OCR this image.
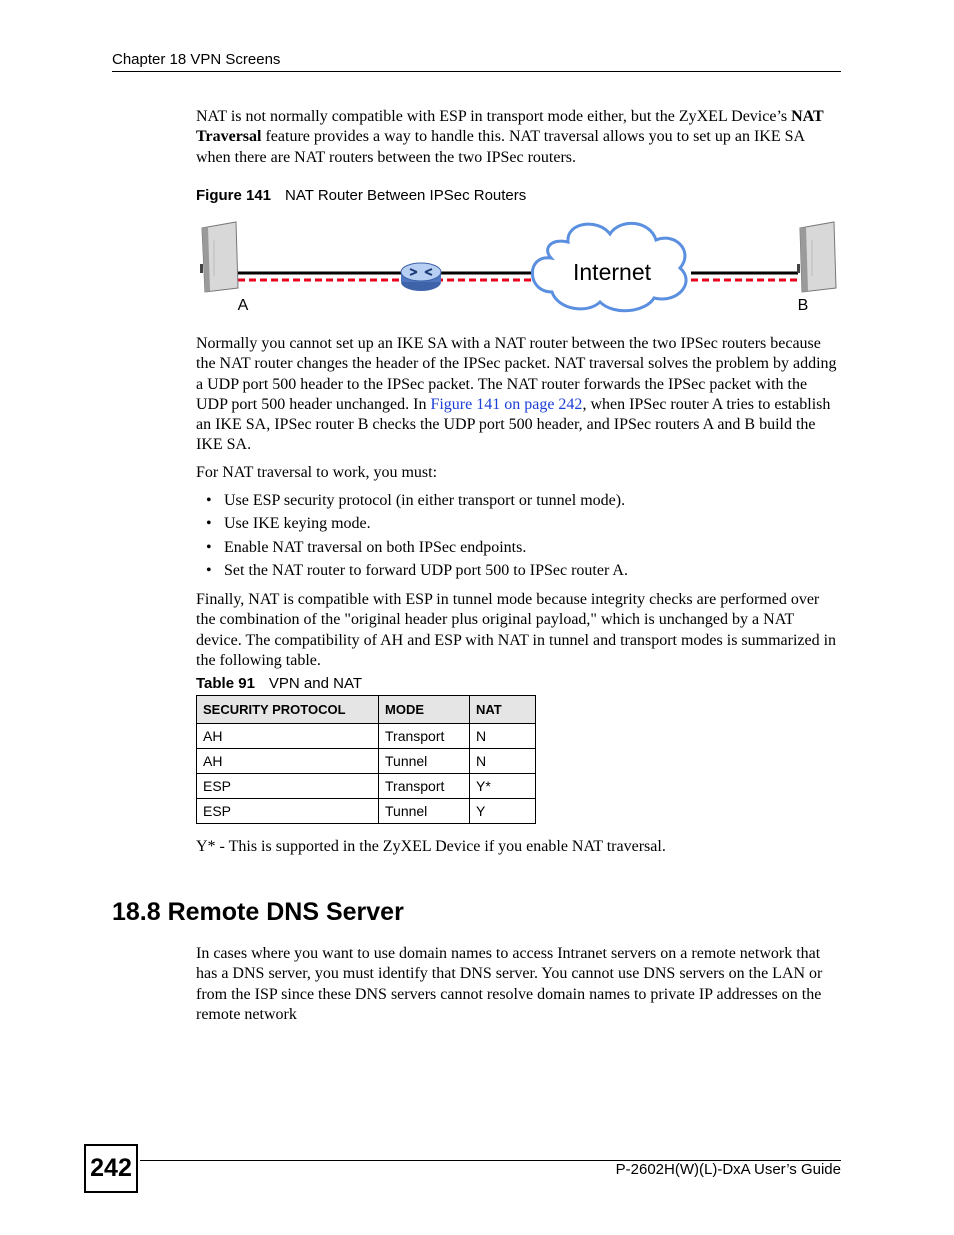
Chapter 18 VPN Screens

NAT is not normally compatible with ESP in transport mode either, but the ZyXEL Device’s NAT Traversal feature provides a way to handle this. NAT traversal allows you to set up an IKE SA when there are NAT routers between the two IPSec routers.

Figure 141 NAT Router Between IPSec Routers
Internet
A	B

Normally you cannot set up an IKE SA with a NAT router between the two IPSec routers because the NAT router changes the header of the IPSec packet. NAT traversal solves the problem by adding a UDP port 500 header to the IPSec packet. The NAT router forwards the IPSec packet with the UDP port 500 header unchanged. In Figure 141 on page 242, when IPSec router A tries to establish an IKE SA, IPSec router B checks the UDP port 500 header, and IPSec routers A and B build the IKE SA.

For NAT traversal to work, you must:
• Use ESP security protocol (in either transport or tunnel mode).
• Use IKE keying mode.
• Enable NAT traversal on both IPSec endpoints.
• Set the NAT router to forward UDP port 500 to IPSec router A.
Finally, NAT is compatible with ESP in tunnel mode because integrity checks are performed over the combination of the "original header plus original payload," which is unchanged by a NAT device. The compatibility of AH and ESP with NAT in tunnel and transport modes is summarized in the following table.
Table 91 VPN and NAT
SECURITY PROTOCOL	MODE	NAT
AH	Transport	N
AH	Tunnel	N
ESP	Transport	Y*
ESP	Tunnel	Y
Y* - This is supported in the ZyXEL Device if you enable NAT traversal.
18.8 Remote DNS Server
In cases where you want to use domain names to access Intranet servers on a remote network that has a DNS server, you must identify that DNS server. You cannot use DNS servers on the LAN or from the ISP since these DNS servers cannot resolve domain names to private IP addresses on the remote network
242	P-2602H(W)(L)-DxA User’s Guide
